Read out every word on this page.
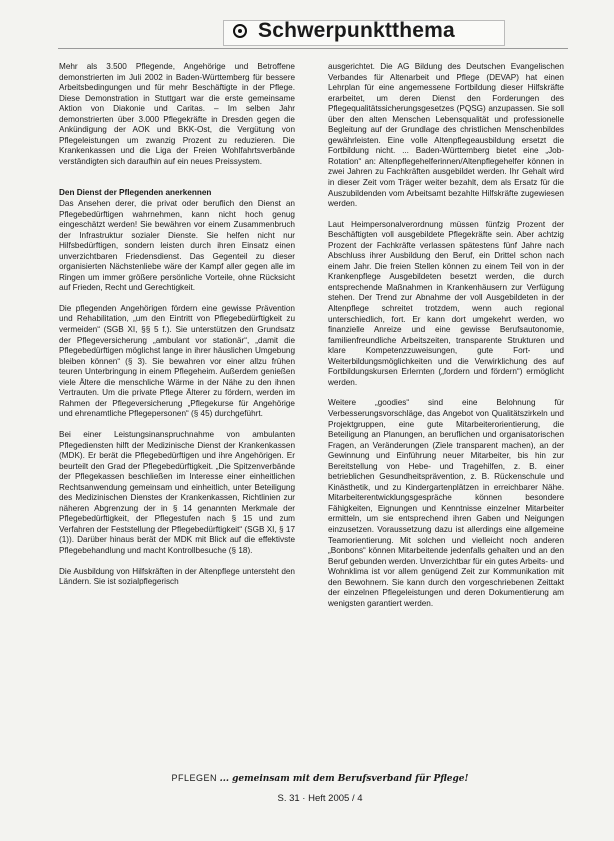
Schwerpunktthema

Mehr als 3.500 Pflegende, Angehörige und Betroffene demonstrierten im Juli 2002 in Baden-Württemberg für bessere Arbeitsbedingungen und für mehr Beschäftigte in der Pflege. Diese Demonstration in Stuttgart war die erste gemeinsame Aktion von Diakonie und Caritas. – Im selben Jahr demonstrierten über 3.000 Pflegekräfte in Dresden gegen die Ankündigung der AOK und BKK-Ost, die Vergütung von Pflegeleistungen um zwanzig Prozent zu reduzieren. Die Krankenkassen und die Liga der Freien Wohlfahrtsverbände verständigten sich daraufhin auf ein neues Preissystem.

Den Dienst der Pflegenden anerkennen

Das Ansehen derer, die privat oder beruflich den Dienst an Pflegebedürftigen wahrnehmen, kann nicht hoch genug eingeschätzt werden! Sie bewähren vor einem Zusammenbruch der Infrastruktur sozialer Dienste. Sie helfen nicht nur Hilfsbedürftigen, sondern leisten durch ihren Einsatz einen unverzichtbaren Friedensdienst. Das Gegenteil zu dieser organisierten Nächstenliebe wäre der Kampf aller gegen alle im Ringen um immer größere persönliche Vorteile, ohne Rücksicht auf Frieden, Recht und Gerechtigkeit.

Die pflegenden Angehörigen fördern eine gewisse Prävention und Rehabilitation, „um den Eintritt von Pflegebedürftigkeit zu vermeiden“ (SGB XI, §§ 5 f.). Sie unterstützen den Grundsatz der Pflegeversicherung „ambulant vor stationär“, „damit die Pflegebedürftigen möglichst lange in ihrer häuslichen Umgebung bleiben können“ (§ 3). Sie bewahren vor einer allzu frühen teuren Unterbringung in einem Pflegeheim. Außerdem genießen viele Ältere die menschliche Wärme in der Nähe zu den ihnen Vertrauten. Um die private Pflege Älterer zu fördern, werden im Rahmen der Pflegeversicherung „Pflegekurse für Angehörige und ehrenamtliche Pflegepersonen“ (§ 45) durchgeführt.

Bei einer Leistungsinanspruchnahme von ambulanten Pflegediensten hilft der Medizinische Dienst der Krankenkassen (MDK). Er berät die Pflegebedürftigen und ihre Angehörigen. Er beurteilt den Grad der Pflegebedürftigkeit. „Die Spitzenverbände der Pflegekassen beschließen im Interesse einer einheitlichen Rechtsanwendung gemeinsam und einheitlich, unter Beteiligung des Medizinischen Dienstes der Krankenkassen, Richtlinien zur näheren Abgrenzung der in § 14 genannten Merkmale der Pflegebedürftigkeit, der Pflegestufen nach § 15 und zum Verfahren der Feststellung der Pflegebedürftigkeit“ (SGB XI, § 17 (1)). Darüber hinaus berät der MDK mit Blick auf die effektivste Pflegebehandlung und macht Kontrollbesuche (§ 18).

Die Ausbildung von Hilfskräften in der Altenpflege untersteht den Ländern. Sie ist sozialpflegerisch

ausgerichtet. Die AG Bildung des Deutschen Evangelischen Verbandes für Altenarbeit und Pflege (DEVAP) hat einen Lehrplan für eine angemessene Fortbildung dieser Hilfskräfte erarbeitet, um deren Dienst den Forderungen des Pflegequalitätssicherungsgesetzes (PQSG) anzupassen. Sie soll über den alten Menschen Lebensqualität und professionelle Begleitung auf der Grundlage des christlichen Menschenbildes gewährleisten. Eine volle Altenpflegeausbildung ersetzt die Fortbildung nicht. ... Baden-Württemberg bietet eine „Job-Rotation“ an: Altenpflegehelferinnen/Altenpflegehelfer können in zwei Jahren zu Fachkräften ausgebildet werden. Ihr Gehalt wird in dieser Zeit vom Träger weiter bezahlt, dem als Ersatz für die Auszubildenden vom Arbeitsamt bezahlte Hilfskräfte zugewiesen werden.

Laut Heimpersonalverordnung müssen fünfzig Prozent der Beschäftigten voll ausgebildete Pflegekräfte sein. Aber achtzig Prozent der Fachkräfte verlassen spätestens fünf Jahre nach Abschluss ihrer Ausbildung den Beruf, ein Drittel schon nach einem Jahr. Die freien Stellen können zu einem Teil von in der Krankenpflege Ausgebildeten besetzt werden, die durch entsprechende Maßnahmen in Krankenhäusern zur Verfügung stehen. Der Trend zur Abnahme der voll Ausgebildeten in der Altenpflege schreitet trotzdem, wenn auch regional unterschiedlich, fort. Er kann dort umgekehrt werden, wo finanzielle Anreize und eine gewisse Berufsautonomie, familienfreundliche Arbeitszeiten, transparente Strukturen und klare Kompetenzzuweisungen, gute Fort- und Weiterbildungsmöglichkeiten und die Verwirklichung des auf Fortbildungskursen Erlernten („fordern und fördern“) ermöglicht werden.

Weitere „goodies“ sind eine Belohnung für Verbesserungsvorschläge, das Angebot von Qualitätszirkeln und Projektgruppen, eine gute Mitarbeiterorientierung, die Beteiligung an Planungen, an beruflichen und organisatorischen Fragen, an Veränderungen (Ziele transparent machen), an der Gewinnung und Einführung neuer Mitarbeiter, bis hin zur Bereitstellung von Hebe- und Tragehilfen, z. B. einer betrieblichen Gesundheitsprävention, z. B. Rückenschule und Kinästhetik, und zu Kindergartenplätzen in erreichbarer Nähe. Mitarbeiterentwicklungsgespräche können besondere Fähigkeiten, Eignungen und Kenntnisse einzelner Mitarbeiter ermitteln, um sie entsprechend ihren Gaben und Neigungen einzusetzen. Voraussetzung dazu ist allerdings eine allgemeine Teamorientierung. Mit solchen und vielleicht noch anderen „Bonbons“ können Mitarbeitende jedenfalls gehalten und an den Beruf gebunden werden. Unverzichtbar für ein gutes Arbeits- und Wohnklima ist vor allem genügend Zeit zur Kommunikation mit den Bewohnern. Sie kann durch den vorgeschriebenen Zeittakt der einzelnen Pflegeleistungen und deren Dokumentierung am wenigsten garantiert werden.

PFLEGEN ... gemeinsam mit dem Berufsverband für Pflege!
S. 31 · Heft 2005 / 4
